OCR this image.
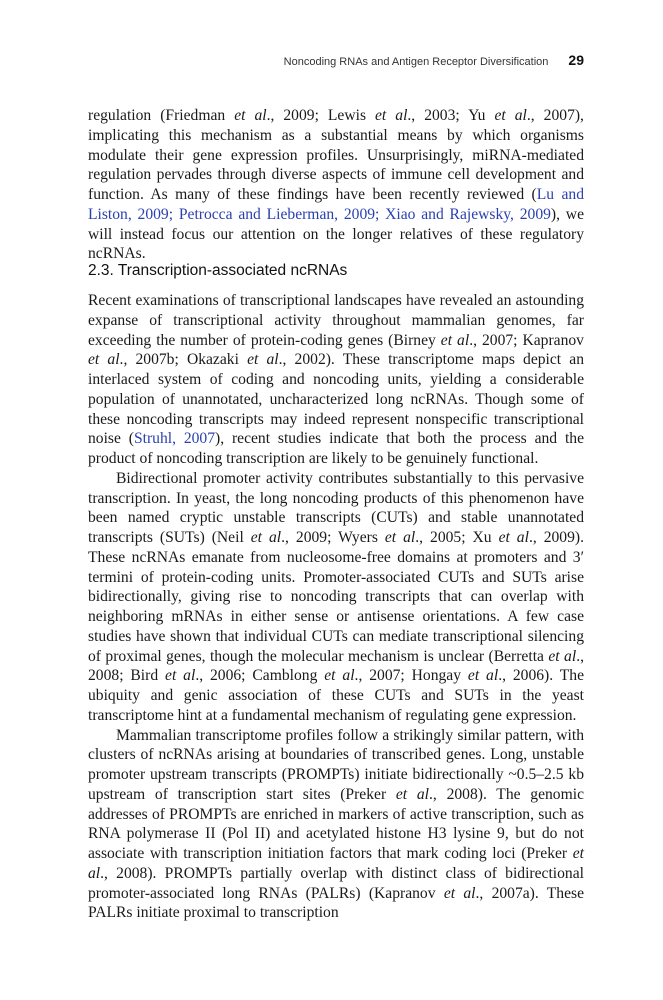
Noncoding RNAs and Antigen Receptor Diversification 29

regulation (Friedman et al., 2009; Lewis et al., 2003; Yu et al., 2007), implicating this mechanism as a substantial means by which organisms modulate their gene expression profiles. Unsurprisingly, miRNA-mediated regulation pervades through diverse aspects of immune cell development and function. As many of these findings have been recently reviewed (Lu and Liston, 2009; Petrocca and Lieberman, 2009; Xiao and Rajewsky, 2009), we will instead focus our attention on the longer relatives of these regulatory ncRNAs.

2.3. Transcription-associated ncRNAs

Recent examinations of transcriptional landscapes have revealed an astounding expanse of transcriptional activity throughout mammalian genomes, far exceeding the number of protein-coding genes (Birney et al., 2007; Kapranov et al., 2007b; Okazaki et al., 2002). These transcriptome maps depict an interlaced system of coding and noncoding units, yielding a considerable population of unannotated, uncharacterized long ncRNAs. Though some of these noncoding transcripts may indeed represent nonspecific transcriptional noise (Struhl, 2007), recent studies indicate that both the process and the product of noncoding transcription are likely to be genuinely functional.

Bidirectional promoter activity contributes substantially to this pervasive transcription. In yeast, the long noncoding products of this phenomenon have been named cryptic unstable transcripts (CUTs) and stable unannotated transcripts (SUTs) (Neil et al., 2009; Wyers et al., 2005; Xu et al., 2009). These ncRNAs emanate from nucleosome-free domains at promoters and 3′ termini of protein-coding units. Promoter-associated CUTs and SUTs arise bidirectionally, giving rise to noncoding transcripts that can overlap with neighboring mRNAs in either sense or antisense orientations. A few case studies have shown that individual CUTs can mediate transcriptional silencing of proximal genes, though the molecular mechanism is unclear (Berretta et al., 2008; Bird et al., 2006; Camblong et al., 2007; Hongay et al., 2006). The ubiquity and genic association of these CUTs and SUTs in the yeast transcriptome hint at a fundamental mechanism of regulating gene expression.

Mammalian transcriptome profiles follow a strikingly similar pattern, with clusters of ncRNAs arising at boundaries of transcribed genes. Long, unstable promoter upstream transcripts (PROMPTs) initiate bidirectionally ~0.5–2.5 kb upstream of transcription start sites (Preker et al., 2008). The genomic addresses of PROMPTs are enriched in markers of active transcription, such as RNA polymerase II (Pol II) and acetylated histone H3 lysine 9, but do not associate with transcription initiation factors that mark coding loci (Preker et al., 2008). PROMPTs partially overlap with distinct class of bidirectional promoter-associated long RNAs (PALRs) (Kapranov et al., 2007a). These PALRs initiate proximal to transcription
